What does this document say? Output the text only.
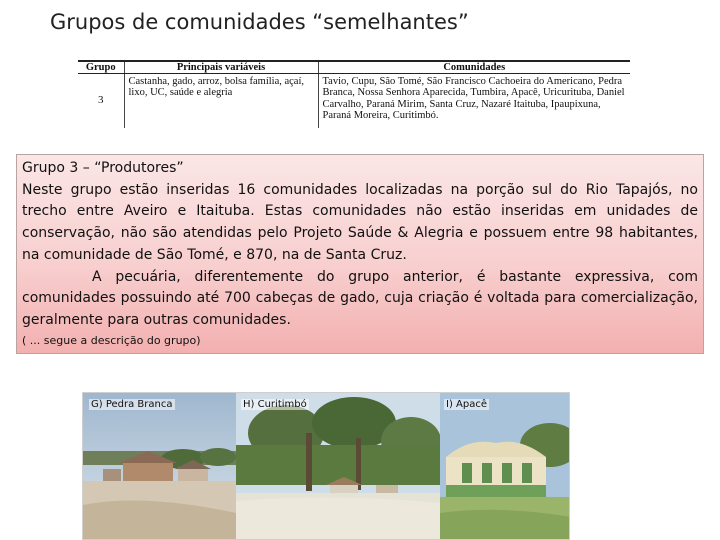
Grupos de comunidades “semelhantes”
Grupo	Principais variáveis	Comunidades
3	Castanha, gado, arroz, bolsa família, açaí, lixo, UC, saúde e alegria	Tavio, Cupu, São Tomé, São Francisco Cachoeira do Americano, Pedra Branca, Nossa Senhora Aparecida, Tumbira, Apacê, Uricurituba, Daniel Carvalho, Paraná Mirim, Santa Cruz, Nazaré Itaituba, Ipaupixuna, Paraná Moreira, Curitimbó.

Grupo 3 – “Produtores”

Neste grupo estão inseridas 16 comunidades localizadas na porção sul do Rio Tapajós, no trecho entre Aveiro e Itaituba. Estas comunidades não estão inseridas em unidades de conservação, não são atendidas pelo Projeto Saúde & Alegria e possuem entre 98 habitantes, na comunidade de São Tomé, e 870, na de Santa Cruz.

A pecuária, diferentemente do grupo anterior, é bastante expressiva, com comunidades possuindo até 700 cabeças de gado, cuja criação é voltada para comercialização, geralmente para outras comunidades.

( ... segue a descrição do grupo)

G) Pedra Branca	H) Curitimbó	I) Apacê
